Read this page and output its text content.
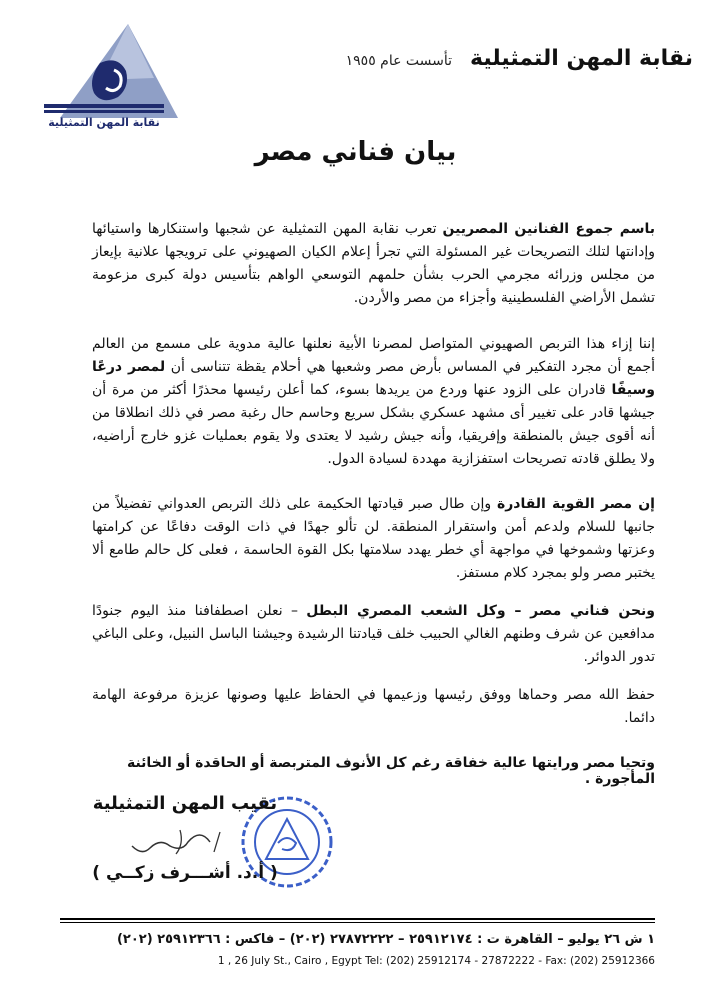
نقابة المهن التمثيلية
نقابة المهن التمثيلية
تأسست عام ١٩٥٥
بيان فناني مصر
باسم جموع الفنانين المصريين تعرب نقابة المهن التمثيلية عن شجبها واستنكارها واستيائها وإدانتها لتلك التصريحات غير المسئولة التي تجرأ إعلام الكيان الصهيوني على ترويجها علانية بإيعاز من مجلس وزرائه مجرمي الحرب بشأن حلمهم التوسعي الواهم بتأسيس دولة كبرى مزعومة تشمل الأراضي الفلسطينية وأجزاء من مصر والأردن.
إننا إزاء هذا التربص الصهيوني المتواصل لمصرنا الأبية نعلنها عالية مدوية على مسمع من العالم أجمع أن مجرد التفكير في المساس بأرض مصر وشعبها هي أحلام يقظة تتناسى أن لمصر درعًا وسيفًا قادران على الزود عنها وردع من يريدها بسوء، كما أعلن رئيسها محذرًا أكثر من مرة أن جيشها قادر على تغيير أى مشهد عسكري بشكل سريع وحاسم حال رغبة مصر في ذلك انطلاقا من أنه أقوى جيش بالمنطقة وإفريقيا، وأنه جيش رشيد لا يعتدى ولا يقوم بعمليات غزو خارج أراضيه، ولا يطلق قادته تصريحات استفزازية مهددة لسيادة الدول.
إن مصر القوية القادرة وإن طال صبر قيادتها الحكيمة على ذلك التربص العدواني تفضيلاً من جانبها للسلام ولدعم أمن واستقرار المنطقة. لن تألو جهدًا في ذات الوقت دفاعًا عن كرامتها وعزتها وشموخها في مواجهة أي خطر يهدد سلامتها بكل القوة الحاسمة ، فعلى كل حالم طامع ألا يختبر مصر ولو بمجرد كلام مستفز.
ونحن فناني مصر – وكل الشعب المصري البطل – نعلن اصطفافنا منذ اليوم جنودًا مدافعين عن شرف وطنهم الغالي الحبيب خلف قيادتنا الرشيدة وجيشنا الباسل النبيل، وعلى الباغي تدور الدوائر.
حفظ الله مصر وحماها ووفق رئيسها وزعيمها في الحفاظ عليها وصونها عزيزة مرفوعة الهامة دائما.
وتحيا مصر ورايتها عالية خفاقة رغم كل الأنوف المتربصة أو الحاقدة أو الخائنة المأجورة .
نقيب المهن التمثيلية
( أ.د. أشـــرف زكــي )
١ ش ٢٦ يوليو – القاهرة ت : ٢٥٩١٢١٧٤ – ٢٧٨٧٢٢٢٢ (٢٠٢) – فاكس : ٢٥٩١٢٣٦٦ (٢٠٢)
1 , 26 July St., Cairo , Egypt Tel: (202) 25912174 - 27872222 - Fax: (202) 25912366
